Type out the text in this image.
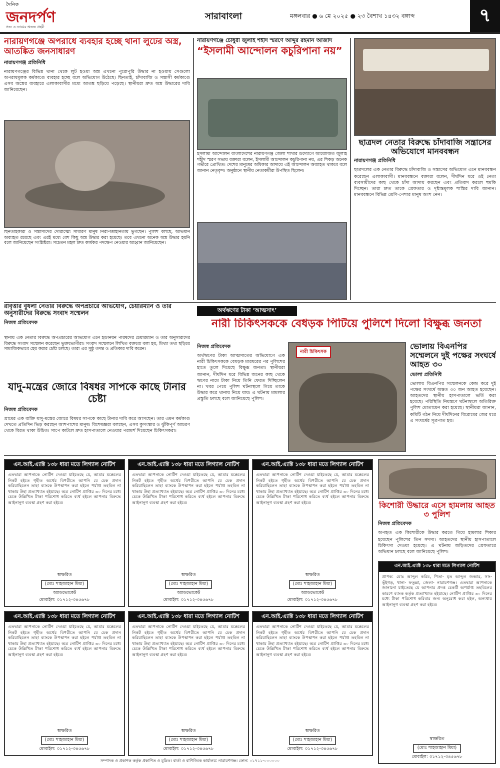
দৈনিক
জনদর্পণ
সত্য ও ন্যায়ের অতন্দ্র প্রহরী
সারাবাংলা	মঙ্গলবার ● ৬ মে ২০২৫ ● ২৩ বৈশাখ ১৪৩২ বঙ্গাব্দ	৭
নারায়ণগঞ্জে অপরাধে ব্যবহার হচ্ছে থানা লুটের অস্ত্র, আতঙ্কিত জনসাধারণ
নারায়ণগঞ্জ প্রতিনিধি
নারায়ণগঞ্জের বিভিন্ন থানা থেকে লুট হওয়া অস্ত্র এখনো পুরোপুরি উদ্ধার না হওয়ায় সেগুলো অপরাধমূলক কর্মকাণ্ডে ব্যবহার হচ্ছে বলে অভিযোগ উঠেছে। ছিনতাই, চাঁদাবাজি ও সন্ত্রাসী কর্মকাণ্ডে এসব অস্ত্রের ব্যবহারে এলাকাবাসীর মধ্যে আতঙ্ক ছড়িয়ে পড়েছে। স্থানীয়রা দ্রুত অস্ত্র উদ্ধারের দাবি জানিয়েছেন।
ছিনতাইকারী ও সন্ত্রাসীদের দৌরাত্ম্যে সাধারণ মানুষ নিরাপত্তাহীনতায় ভুগছেন। পুলিশ বলছে, অভিযান অব্যাহত রয়েছে এবং এরই মধ্যে বেশ কিছু অস্ত্র উদ্ধার করা হয়েছে। তবে এখনো অনেক অস্ত্র উদ্ধার হয়নি বলে জানিয়েছেন সংশ্লিষ্টরা। সচেতন মহল দ্রুত কার্যকর পদক্ষেপ নেওয়ার আহ্বান জানিয়েছেন।
নারায়ণগঞ্জে চৌধুরী জুলাই শহীদ স্মরণে আব্দুর রহমান আজাদ
“ইসলামী আন্দোলন কচুরিপানা নয়”
ইসলামী আন্দোলন বাংলাদেশের নারায়ণগঞ্জ জেলা শাখার উদ্যোগে আয়োজিত জুলাই শহীদ স্মরণ সভায় বক্তারা বলেন, ইসলামী আন্দোলন কচুরিপানা নয়, এর শিকড় অনেক গভীরে প্রোথিত। দেশের মানুষের অধিকার আদায়ে এই আন্দোলন অব্যাহত থাকবে বলে জানান নেতৃবৃন্দ। অনুষ্ঠানে স্থানীয় নেতাকর্মীরা উপস্থিত ছিলেন।
ছাত্রদল নেতার বিরুদ্ধে চাঁদাবাজি সন্ত্রাসের অভিযোগে মানববন্ধন
নারায়ণগঞ্জ প্রতিনিধি
ছাত্রদলের এক নেতার বিরুদ্ধে চাঁদাবাজি ও সন্ত্রাসের অভিযোগ এনে মানববন্ধন করেছেন এলাকাবাসী। মানববন্ধনে বক্তারা বলেন, দীর্ঘদিন ধরে ওই নেতা ব্যবসায়ীদের কাছ থেকে চাঁদা আদায় করছেন এবং প্রতিবাদ করলে হুমকি দিচ্ছেন। তারা দ্রুত তাকে গ্রেফতার ও দৃষ্টান্তমূলক শাস্তির দাবি জানান। মানববন্ধনে বিভিন্ন শ্রেণি-পেশার মানুষ অংশ নেন।
রাবৃত্তার বুধলা নেতার বিরুদ্ধে অপপ্রচারে অভিযোগ, চেয়ারম্যান ও তার অনুসারীদের বিরুদ্ধে সংবাদ সম্মেলন
নিজস্ব প্রতিবেদক
অর্থঋণের টাকা ‘আত্মসাৎ’
নারী চিকিৎসককে বেধড়ক পিটিয়ে পুলিশে দিলো বিক্ষুব্ধ জনতা
স্থানীয় এক নেতার বিরুদ্ধে অপপ্রচারের অভিযোগ এনে ইউনিয়ন পরিষদের চেয়ারম্যান ও তার অনুসারীদের বিরুদ্ধে সংবাদ সম্মেলন করেছেন ভুক্তভোগীরা। সংবাদ সম্মেলনে লিখিত বক্তব্যে বলা হয়, মিথ্যা তথ্য ছড়িয়ে সামাজিকভাবে হেয় করার চেষ্টা চলছে। তারা এর সুষ্ঠু তদন্ত ও প্রতিকার দাবি করেন।
যাদু-মন্ত্রের জোরে বিষধর সাপকে কাছে টানার চেষ্টা
নিজস্ব প্রতিবেদক
গ্রামের এক ব্যক্তি যাদু-মন্ত্রের জোরে বিষধর সাপকে কাছে টানার দাবি করে আসছেন। তার এমন কর্মকাণ্ড দেখতে প্রতিদিন ভিড় করছেন আশপাশের মানুষ। বিশেষজ্ঞরা বলছেন, এসব কুসংস্কার ও ঝুঁকিপূর্ণ আচরণ থেকে বিরত থাকা উচিত। সাপে কাটলে দ্রুত হাসপাতালে নেওয়ার পরামর্শ দিয়েছেন চিকিৎসকরা।
নিজস্ব প্রতিবেদক
অর্থঋণের টাকা আত্মসাতের অভিযোগে এক নারী চিকিৎসককে বেধড়ক মারধরের পর পুলিশের হাতে তুলে দিয়েছে বিক্ষুব্ধ জনতা। স্থানীয়রা জানান, দীর্ঘদিন ধরে বিভিন্ন জনের কাছ থেকে ঋণের নামে টাকা নিয়ে তিনি ফেরত দিচ্ছিলেন না। খবর পেয়ে পুলিশ ঘটনাস্থলে গিয়ে তাকে উদ্ধার করে থানায় নিয়ে যায়। এ ঘটনায় মামলার প্রস্তুতি চলছে বলে জানিয়েছে পুলিশ।
নারী চিকিৎসক
ভোলায় বিএনপির সম্মেলনে দুই পক্ষের সংঘর্ষে আহত ৩০
ভোলা প্রতিনিধি
ভোলায় বিএনপির সম্মেলনকে কেন্দ্র করে দুই পক্ষের সংঘর্ষে অন্তত ৩০ জন আহত হয়েছেন। আহতদের স্থানীয় হাসপাতালে ভর্তি করা হয়েছে। পরিস্থিতি নিয়ন্ত্রণে ঘটনাস্থলে অতিরিক্ত পুলিশ মোতায়েন করা হয়েছে। স্থানীয়রা জানান, কমিটি গঠন নিয়ে দীর্ঘদিনের বিরোধের জের ধরে এ সংঘর্ষের সূত্রপাত হয়।
এন.আই.এ্যাক্ট ১৩৮ ধারা মতে লিগ্যাল নোটিশ
এতদ্বারা আপনাকে নোটিশ দেওয়া যাইতেছে যে, আমার মক্কেলের নিকট হইতে গৃহীত অর্থের বিপরীতে আপনি যে চেক প্রদান করিয়াছিলেন তাহা ব্যাংকে উপস্থাপন করা হইলে পর্যাপ্ত তহবিল না থাকায় উহা প্রত্যাখ্যাত হইয়াছে। অত্র নোটিশ প্রাপ্তির ৩০ দিনের মধ্যে চেকে উল্লিখিত টাকা পরিশোধ করিতে ব্যর্থ হইলে আপনার বিরুদ্ধে আইনানুগ ব্যবস্থা গ্রহণ করা হইবে।
স্বাক্ষরিত
(মোঃ শাহজাহান মিয়া)
অ্যাডভোকেট
মোবাইল: ০১৭১২-৩৪৫৬৭৮
এন.আই.এ্যাক্ট ১৩৮ ধারা মতে লিগ্যাল নোটিশ
এতদ্বারা আপনাকে নোটিশ দেওয়া যাইতেছে যে, আমার মক্কেলের নিকট হইতে গৃহীত অর্থের বিপরীতে আপনি যে চেক প্রদান করিয়াছিলেন তাহা ব্যাংকে উপস্থাপন করা হইলে পর্যাপ্ত তহবিল না থাকায় উহা প্রত্যাখ্যাত হইয়াছে। অত্র নোটিশ প্রাপ্তির ৩০ দিনের মধ্যে চেকে উল্লিখিত টাকা পরিশোধ করিতে ব্যর্থ হইলে আপনার বিরুদ্ধে আইনানুগ ব্যবস্থা গ্রহণ করা হইবে।
স্বাক্ষরিত
(মোঃ শাহজাহান মিয়া)
অ্যাডভোকেট
মোবাইল: ০১৭১২-৩৪৫৬৭৮
এন.আই.এ্যাক্ট ১৩৮ ধারা মতে লিগ্যাল নোটিশ
এতদ্বারা আপনাকে নোটিশ দেওয়া যাইতেছে যে, আমার মক্কেলের নিকট হইতে গৃহীত অর্থের বিপরীতে আপনি যে চেক প্রদান করিয়াছিলেন তাহা ব্যাংকে উপস্থাপন করা হইলে পর্যাপ্ত তহবিল না থাকায় উহা প্রত্যাখ্যাত হইয়াছে। অত্র নোটিশ প্রাপ্তির ৩০ দিনের মধ্যে চেকে উল্লিখিত টাকা পরিশোধ করিতে ব্যর্থ হইলে আপনার বিরুদ্ধে আইনানুগ ব্যবস্থা গ্রহণ করা হইবে।
স্বাক্ষরিত
(মোঃ শাহজাহান মিয়া)
অ্যাডভোকেট
মোবাইল: ০১৭১২-৩৪৫৬৭৮
কিশোরী উদ্ধারে এসে হামলায় আহত ৩ পুলিশ
নিজস্ব প্রতিবেদক
অপহৃত এক কিশোরীকে উদ্ধার করতে গিয়ে হামলার শিকার হয়েছেন পুলিশের তিন সদস্য। আহতদের স্থানীয় হাসপাতালে চিকিৎসা দেওয়া হয়েছে। এ ঘটনায় জড়িতদের গ্রেফতারে অভিযান চলছে বলে জানিয়েছে পুলিশ।
এন.আই.এ্যাক্ট ১৩৮ ধারা মতে লিগ্যাল নোটিশ
প্রাপক: মোঃ আব্দুল করিম, পিতা- মৃত আব্দুল জব্বার, সাং- ভূঁইগড়, থানা- ফতুল্লা, জেলা- নারায়ণগঞ্জ। এতদ্বারা আপনাকে জানানো যাইতেছে যে আপনার প্রদত্ত চেকটি অপর্যাপ্ত তহবিলের কারণে ব্যাংক কর্তৃক প্রত্যাখ্যাত হইয়াছে। নোটিশ প্রাপ্তির ৩০ দিনের মধ্যে টাকা পরিশোধ করিবার জন্য অনুরোধ করা হইল, অন্যথায় আইনানুগ ব্যবস্থা গ্রহণ করা হইবে।
স্বাক্ষরিত
(মোঃ শাহজাহান মিয়া)
মোবাইল: ০১৭১২-৩৪৫৬৭৮
এন.আই.এ্যাক্ট ১৩৮ ধারা মতে লিগ্যাল নোটিশ
এতদ্বারা আপনাকে নোটিশ দেওয়া যাইতেছে যে, আমার মক্কেলের নিকট হইতে গৃহীত অর্থের বিপরীতে আপনি যে চেক প্রদান করিয়াছিলেন তাহা ব্যাংকে উপস্থাপন করা হইলে পর্যাপ্ত তহবিল না থাকায় উহা প্রত্যাখ্যাত হইয়াছে। অত্র নোটিশ প্রাপ্তির ৩০ দিনের মধ্যে চেকে উল্লিখিত টাকা পরিশোধ করিতে ব্যর্থ হইলে আপনার বিরুদ্ধে আইনানুগ ব্যবস্থা গ্রহণ করা হইবে।
স্বাক্ষরিত
(মোঃ শাহজাহান মিয়া)
মোবাইল: ০১৭১২-৩৪৫৬৭৮
এন.আই.এ্যাক্ট ১৩৮ ধারা মতে লিগ্যাল নোটিশ
এতদ্বারা আপনাকে নোটিশ দেওয়া যাইতেছে যে, আমার মক্কেলের নিকট হইতে গৃহীত অর্থের বিপরীতে আপনি যে চেক প্রদান করিয়াছিলেন তাহা ব্যাংকে উপস্থাপন করা হইলে পর্যাপ্ত তহবিল না থাকায় উহা প্রত্যাখ্যাত হইয়াছে। অত্র নোটিশ প্রাপ্তির ৩০ দিনের মধ্যে চেকে উল্লিখিত টাকা পরিশোধ করিতে ব্যর্থ হইলে আপনার বিরুদ্ধে আইনানুগ ব্যবস্থা গ্রহণ করা হইবে।
স্বাক্ষরিত
(মোঃ শাহজাহান মিয়া)
মোবাইল: ০১৭১২-৩৪৫৬৭৮
এন.আই.এ্যাক্ট ১৩৮ ধারা মতে লিগ্যাল নোটিশ
এতদ্বারা আপনাকে নোটিশ দেওয়া যাইতেছে যে, আমার মক্কেলের নিকট হইতে গৃহীত অর্থের বিপরীতে আপনি যে চেক প্রদান করিয়াছিলেন তাহা ব্যাংকে উপস্থাপন করা হইলে পর্যাপ্ত তহবিল না থাকায় উহা প্রত্যাখ্যাত হইয়াছে। অত্র নোটিশ প্রাপ্তির ৩০ দিনের মধ্যে চেকে উল্লিখিত টাকা পরিশোধ করিতে ব্যর্থ হইলে আপনার বিরুদ্ধে আইনানুগ ব্যবস্থা গ্রহণ করা হইবে।
স্বাক্ষরিত
(মোঃ শাহজাহান মিয়া)
মোবাইল: ০১৭১২-৩৪৫৬৭৮
সম্পাদক ও প্রকাশক কর্তৃক প্রকাশিত ও মুদ্রিত। বার্তা ও বাণিজ্যিক কার্যালয়: নারায়ণগঞ্জ। ফোন: ০১৭১১-০০০০০০
